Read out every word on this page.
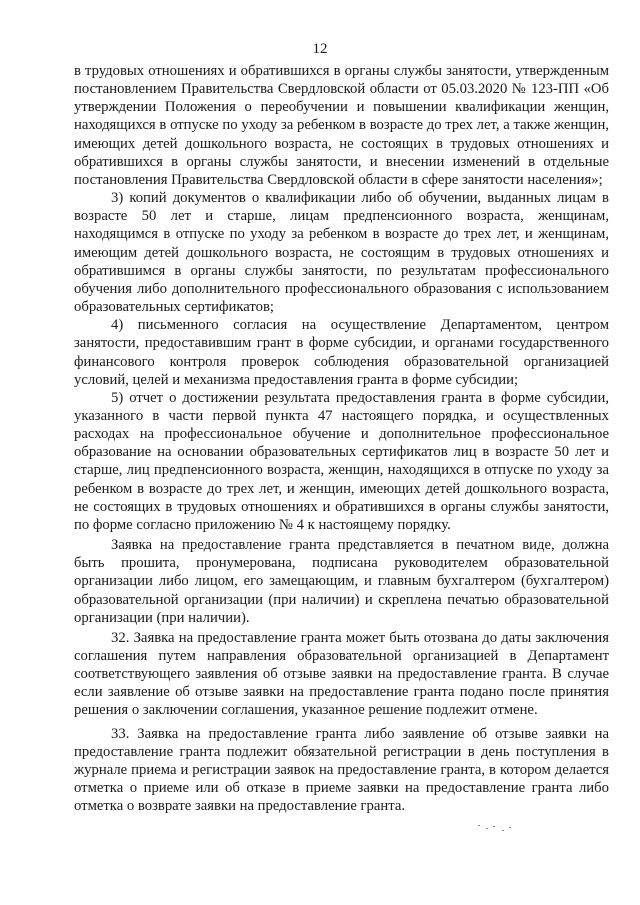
12

в трудовых отношениях и обратившихся в органы службы занятости, утвержденным постановлением Правительства Свердловской области от 05.03.2020 № 123-ПП «Об утверждении Положения о переобучении и повышении квалификации женщин, находящихся в отпуске по уходу за ребенком в возрасте до трех лет, а также женщин, имеющих детей дошкольного возраста, не состоящих в трудовых отношениях и обратившихся в органы службы занятости, и внесении изменений в отдельные постановления Правительства Свердловской области в сфере занятости населения»;

3) копий документов о квалификации либо об обучении, выданных лицам в возрасте 50 лет и старше, лицам предпенсионного возраста, женщинам, находящимся в отпуске по уходу за ребенком в возрасте до трех лет, и женщинам, имеющим детей дошкольного возраста, не состоящим в трудовых отношениях и обратившимся в органы службы занятости, по результатам профессионального обучения либо дополнительного профессионального образования с использованием образовательных сертификатов;

4) письменного согласия на осуществление Департаментом, центром занятости, предоставившим грант в форме субсидии, и органами государственного финансового контроля проверок соблюдения образовательной организацией условий, целей и механизма предоставления гранта в форме субсидии;

5) отчет о достижении результата предоставления гранта в форме субсидии, указанного в части первой пункта 47 настоящего порядка, и осуществленных расходах на профессиональное обучение и дополнительное профессиональное образование на основании образовательных сертификатов лиц в возрасте 50 лет и старше, лиц предпенсионного возраста, женщин, находящихся в отпуске по уходу за ребенком в возрасте до трех лет, и женщин, имеющих детей дошкольного возраста, не состоящих в трудовых отношениях и обратившихся в органы службы занятости, по форме согласно приложению № 4 к настоящему порядку.

Заявка на предоставление гранта представляется в печатном виде, должна быть прошита, пронумерована, подписана руководителем образовательной организации либо лицом, его замещающим, и главным бухгалтером (бухгалтером) образовательной организации (при наличии) и скреплена печатью образовательной организации (при наличии).

32. Заявка на предоставление гранта может быть отозвана до даты заключения соглашения путем направления образовательной организацией в Департамент соответствующего заявления об отзыве заявки на предоставление гранта. В случае если заявление об отзыве заявки на предоставление гранта подано после принятия решения о заключении соглашения, указанное решение подлежит отмене.

33. Заявка на предоставление гранта либо заявление об отзыве заявки на предоставление гранта подлежит обязательной регистрации в день поступления в журнале приема и регистрации заявок на предоставление гранта, в котором делается отметка о приеме или об отказе в приеме заявки на предоставление гранта либо отметка о возврате заявки на предоставление гранта.
